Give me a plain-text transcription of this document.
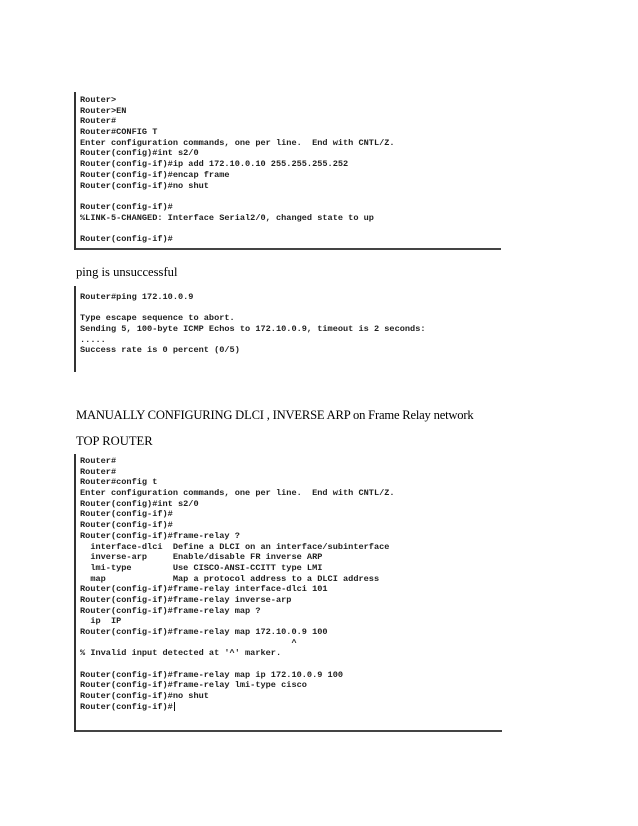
Router>
Router>EN
Router#
Router#CONFIG T
Enter configuration commands, one per line.  End with CNTL/Z.
Router(config)#int s2/0
Router(config-if)#ip add 172.10.0.10 255.255.255.252
Router(config-if)#encap frame
Router(config-if)#no shut
Router(config-if)#
%LINK-5-CHANGED: Interface Serial2/0, changed state to up
Router(config-if)#
ping is unsuccessful
Router#ping 172.10.0.9
Type escape sequence to abort.
Sending 5, 100-byte ICMP Echos to 172.10.0.9, timeout is 2 seconds:
.....
Success rate is 0 percent (0/5)
MANUALLY CONFIGURING DLCI , INVERSE ARP on Frame Relay network
TOP ROUTER
Router#
Router#
Router#config t
Enter configuration commands, one per line.  End with CNTL/Z.
Router(config)#int s2/0
Router(config-if)#
Router(config-if)#
Router(config-if)#frame-relay ?
interface-dlci  Define a DLCI on an interface/subinterface
inverse-arp     Enable/disable FR inverse ARP
lmi-type        Use CISCO-ANSI-CCITT type LMI
map             Map a protocol address to a DLCI address
Router(config-if)#frame-relay interface-dlci 101
Router(config-if)#frame-relay inverse-arp
Router(config-if)#frame-relay map ?
ip  IP
Router(config-if)#frame-relay map 172.10.0.9 100
^
% Invalid input detected at '^' marker.
Router(config-if)#frame-relay map ip 172.10.0.9 100
Router(config-if)#frame-relay lmi-type cisco
Router(config-if)#no shut
Router(config-if)#
